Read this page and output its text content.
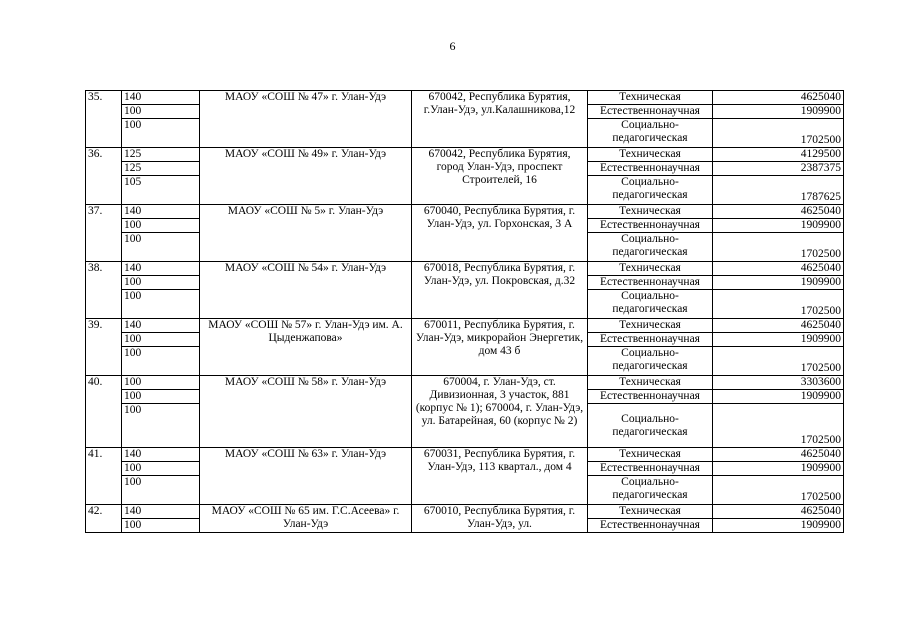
6
35.	140	МАОУ «СОШ № 47» г. Улан-Удэ	670042, Республика Бурятия, г.Улан-Удэ, ул.Калашникова,12	Техническая	4625040
	100			Естественнонаучная	1909900
	100			Социально-педагогическая	1702500
36.	125	МАОУ «СОШ № 49» г. Улан-Удэ	670042, Республика Бурятия, город Улан-Удэ, проспект Строителей, 16	Техническая	4129500
	125			Естественнонаучная	2387375
	105			Социально-педагогическая	1787625
37.	140	МАОУ «СОШ № 5» г. Улан-Удэ	670040, Республика Бурятия, г. Улан-Удэ, ул. Горхонская, 3 А	Техническая	4625040
	100			Естественнонаучная	1909900
	100			Социально-педагогическая	1702500
38.	140	МАОУ «СОШ № 54» г. Улан-Удэ	670018, Республика Бурятия, г. Улан-Удэ, ул. Покровская, д.32	Техническая	4625040
	100			Естественнонаучная	1909900
	100			Социально-педагогическая	1702500
39.	140	МАОУ «СОШ № 57» г. Улан-Удэ им. А. Цыденжапова»	670011, Республика Бурятия, г. Улан-Удэ, микрорайон Энергетик, дом 43 б	Техническая	4625040
	100			Естественнонаучная	1909900
	100			Социально-педагогическая	1702500
40.	100	МАОУ «СОШ № 58» г. Улан-Удэ	670004, г. Улан-Удэ, ст. Дивизионная, 3 участок, 881 (корпус № 1); 670004, г. Улан-Удэ, ул. Батарейная, 60 (корпус № 2)	Техническая	3303600
	100			Естественнонаучная	1909900
	100			Социально-педагогическая	1702500
41.	140	МАОУ «СОШ № 63» г. Улан-Удэ	670031, Республика Бурятия, г. Улан-Удэ, 113 квартал., дом 4	Техническая	4625040
	100			Естественнонаучная	1909900
	100			Социально-педагогическая	1702500
42.	140	МАОУ «СОШ № 65 им. Г.С.Асеева» г. Улан-Удэ	670010, Республика Бурятия, г. Улан-Удэ, ул.	Техническая	4625040
	100			Естественнонаучная	1909900
